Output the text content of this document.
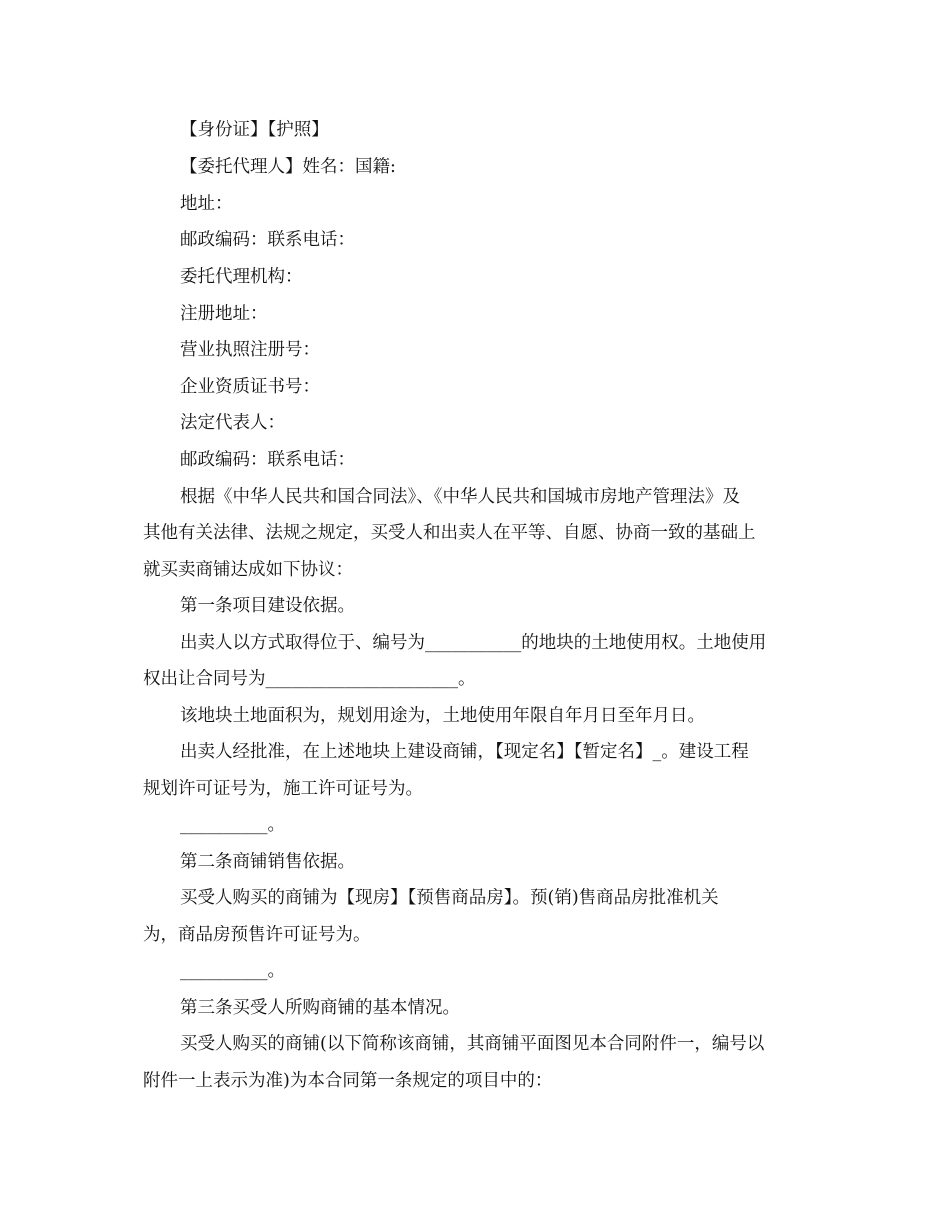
【身份证】【护照】
【委托代理人】姓名：国籍:
地址：
邮政编码：联系电话：
委托代理机构：
注册地址：
营业执照注册号：
企业资质证书号：
法定代表人：
邮政编码：联系电话：
根据《中华人民共和国合同法》、《中华人民共和国城市房地产管理法》及
其他有关法律、法规之规定，买受人和出卖人在平等、自愿、协商一致的基础上
就买卖商铺达成如下协议：
第一条项目建设依据。
出卖人以方式取得位于、编号为___________的地块的土地使用权。土地使用
权出让合同号为______________________。
该地块土地面积为，规划用途为，土地使用年限自年月日至年月日。
出卖人经批准，在上述地块上建设商铺，【现定名】【暂定名】_。建设工程
规划许可证号为，施工许可证号为。
__________。
第二条商铺销售依据。
买受人购买的商铺为【现房】【预售商品房】。预(销)售商品房批准机关
为，商品房预售许可证号为。
__________。
第三条买受人所购商铺的基本情况。
买受人购买的商铺(以下简称该商铺，其商铺平面图见本合同附件一，编号以
附件一上表示为准)为本合同第一条规定的项目中的：
